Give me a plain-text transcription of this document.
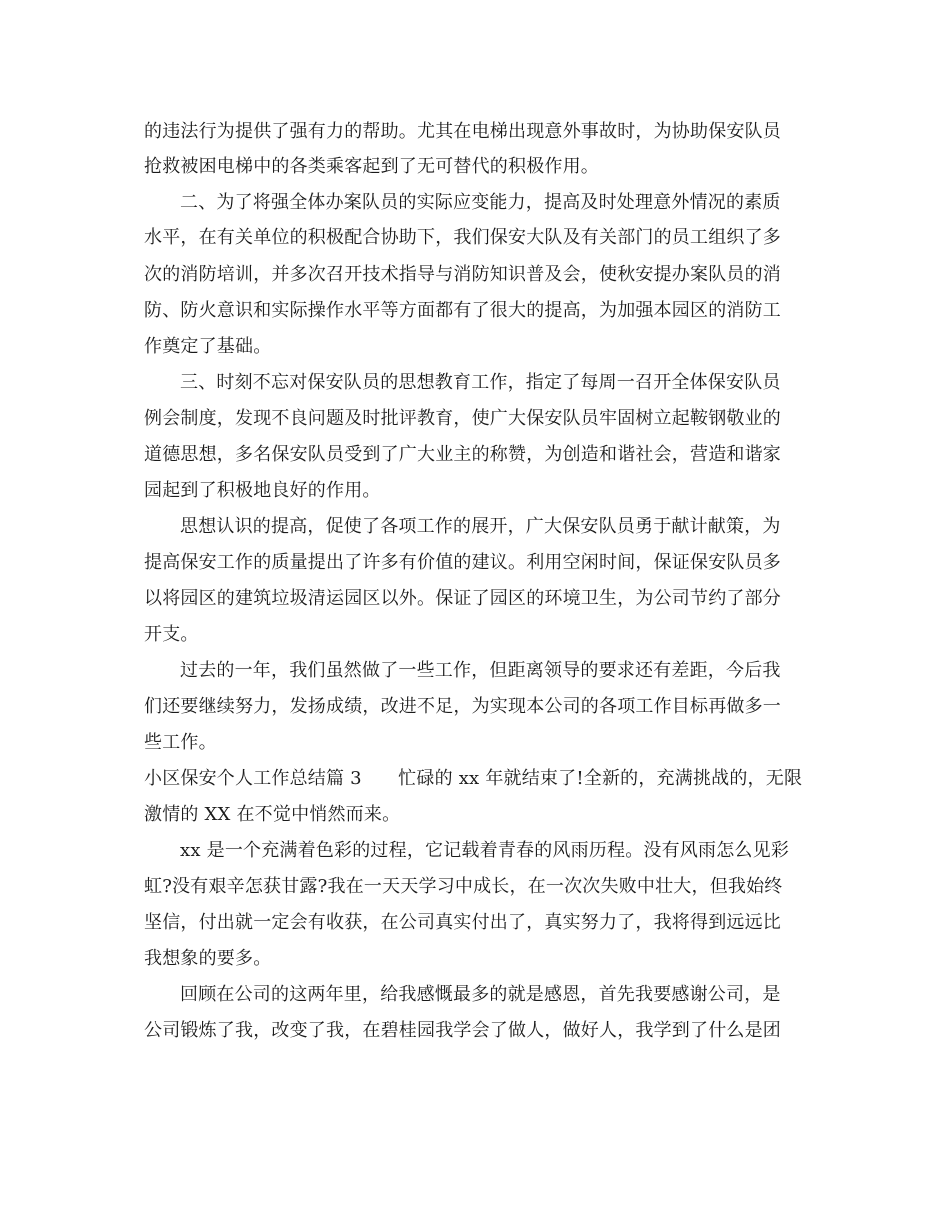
的违法行为提供了强有力的帮助。尤其在电梯出现意外事故时，为协助保安队员
抢救被困电梯中的各类乘客起到了无可替代的积极作用。
二、为了将强全体办案队员的实际应变能力，提高及时处理意外情况的素质
水平，在有关单位的积极配合协助下，我们保安大队及有关部门的员工组织了多
次的消防培训，并多次召开技术指导与消防知识普及会，使秋安提办案队员的消
防、防火意识和实际操作水平等方面都有了很大的提高，为加强本园区的消防工
作奠定了基础。
三、时刻不忘对保安队员的思想教育工作，指定了每周一召开全体保安队员
例会制度，发现不良问题及时批评教育，使广大保安队员牢固树立起鞍钢敬业的
道德思想，多名保安队员受到了广大业主的称赞，为创造和谐社会，营造和谐家
园起到了积极地良好的作用。
思想认识的提高，促使了各项工作的展开，广大保安队员勇于献计献策，为
提高保安工作的质量提出了许多有价值的建议。利用空闲时间，保证保安队员多
以将园区的建筑垃圾清运园区以外。保证了园区的环境卫生，为公司节约了部分
开支。
过去的一年，我们虽然做了一些工作，但距离领导的要求还有差距，今后我
们还要继续努力，发扬成绩，改进不足，为实现本公司的各项工作目标再做多一
些工作。
小区保安个人工作总结篇 3　　忙碌的 xx 年就结束了!全新的，充满挑战的，无限
激情的 XX 在不觉中悄然而来。
xx 是一个充满着色彩的过程，它记载着青春的风雨历程。没有风雨怎么见彩
虹?没有艰辛怎获甘露?我在一天天学习中成长，在一次次失败中壮大，但我始终
坚信，付出就一定会有收获，在公司真实付出了，真实努力了，我将得到远远比
我想象的要多。
回顾在公司的这两年里，给我感慨最多的就是感恩，首先我要感谢公司，是
公司锻炼了我，改变了我，在碧桂园我学会了做人，做好人，我学到了什么是团
